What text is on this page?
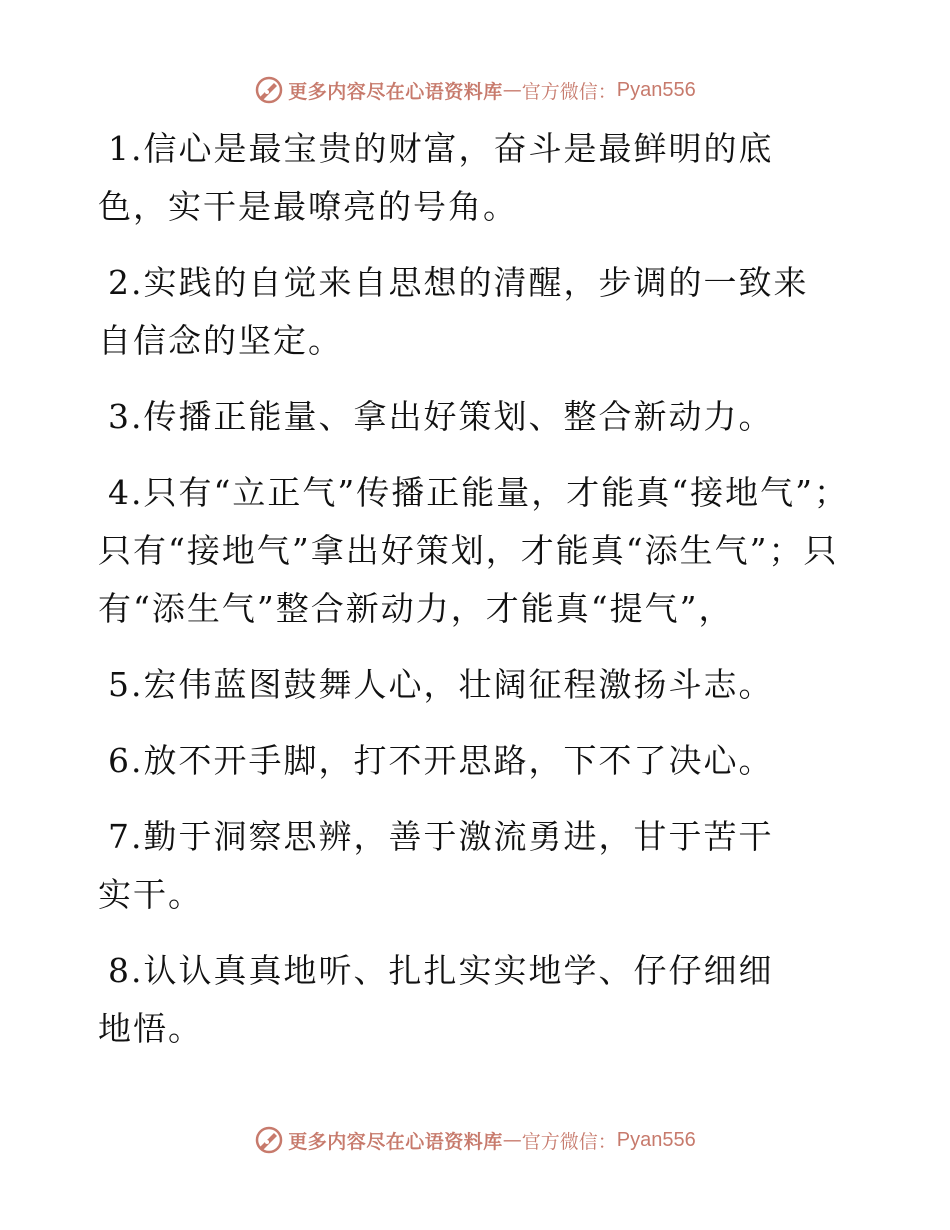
更多内容尽在心语资料库 — 官方微信： Pyan556

1.信心是最宝贵的财富，奋斗是最鲜明的底色，实干是最嘹亮的号角。

2.实践的自觉来自思想的清醒，步调的一致来自信念的坚定。

3.传播正能量、拿出好策划、整合新动力。

4.只有“立正气”传播正能量，才能真“接地气”；只有“接地气”拿出好策划，才能真“添生气”；只有“添生气”整合新动力，才能真“提气”，

5.宏伟蓝图鼓舞人心，壮阔征程激扬斗志。

6.放不开手脚，打不开思路，下不了决心。

7.勤于洞察思辨，善于激流勇进，甘于苦干实干。

8.认认真真地听、扎扎实实地学、仔仔细细地悟。

更多内容尽在心语资料库 — 官方微信： Pyan556
